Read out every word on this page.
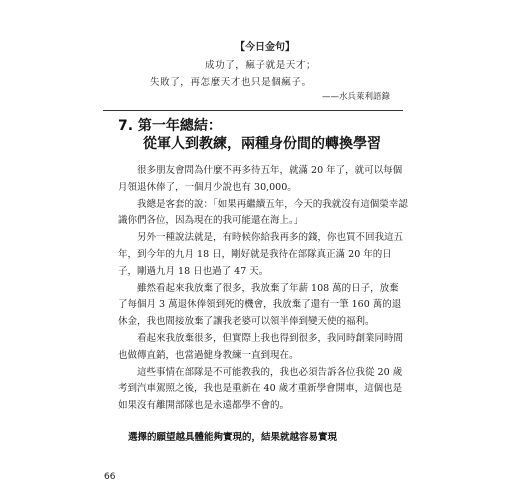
【今日金句】
成功了，瘋子就是天才；
失敗了，再怎麼天才也只是個瘋子。
——水兵萊利語錄
7. 第一年總結：
從軍人到教練，兩種身份間的轉換學習

很多朋友會問為什麼不再多待五年，就滿 20 年了，就可以每個月領退休俸了，一個月少說也有 30,000。

我總是客套的說：「如果再繼續五年，今天的我就沒有這個榮幸認識你們各位，因為現在的我可能還在海上。」

另外一種說法就是，有時候你給我再多的錢，你也買不回我這五年，到今年的九月 18 日，剛好就是我待在部隊真正滿 20 年的日子，剛過九月 18 日也過了 47 天。

雖然看起來我放棄了很多，我放棄了年薪 108 萬的日子，放棄了每個月 3 萬退休俸領到死的機會，我放棄了還有一筆 160 萬的退休金，我也間接放棄了讓我老婆可以領半俸到變天使的福利。

看起來我放棄很多，但實際上我也得到很多，我同時創業同時間也做傳直銷，也當過健身教練一直到現在。

這些事情在部隊是不可能教我的，我也必須告訴各位我從 20 歲考到汽車駕照之後，我也是重新在 40 歲才重新學會開車，這個也是如果沒有離開部隊也是永遠都學不會的。

選擇的願望越具體能夠實現的，結果就越容易實現
66
